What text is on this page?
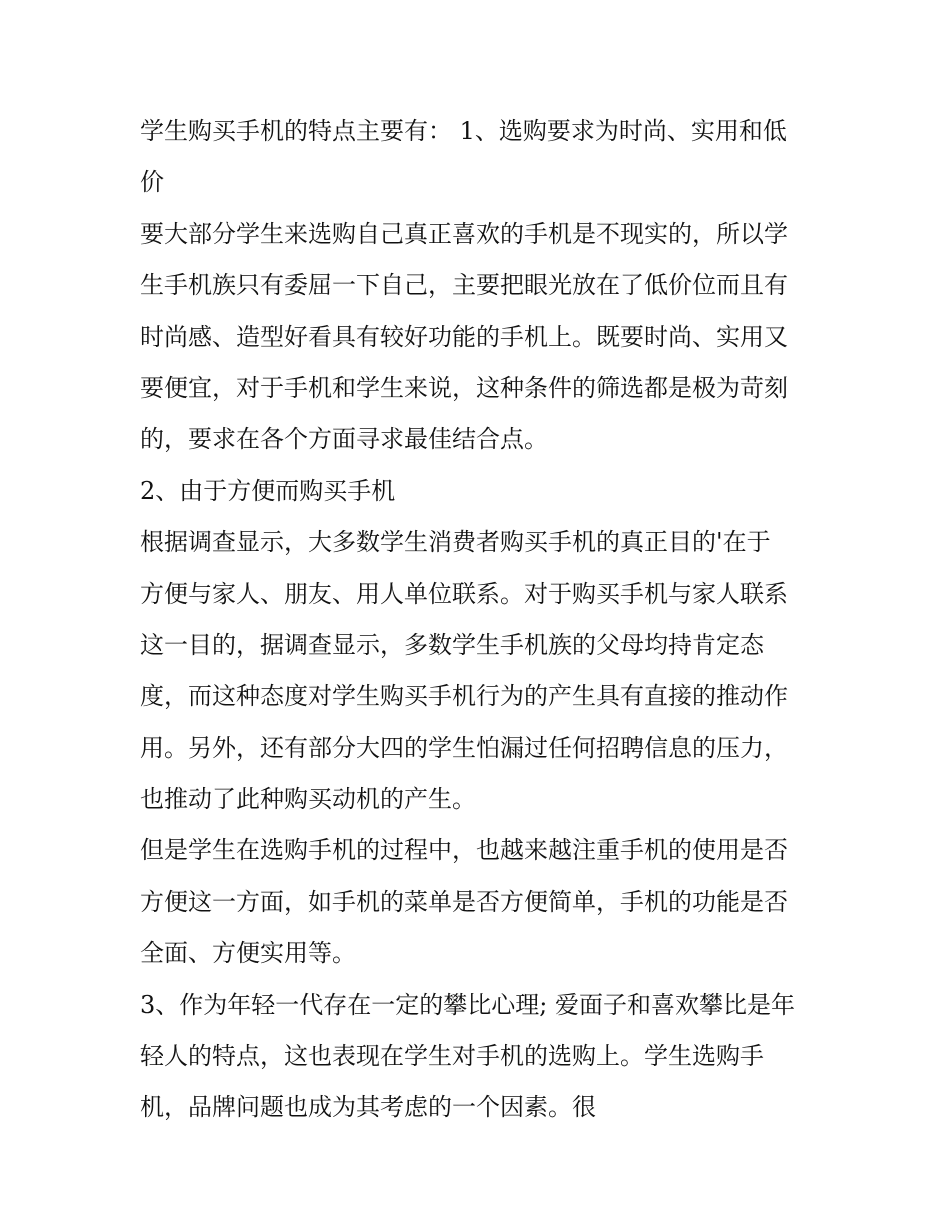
学生购买手机的特点主要有： 1、选购要求为时尚、实用和低
价
要大部分学生来选购自己真正喜欢的手机是不现实的，所以学
生手机族只有委屈一下自己，主要把眼光放在了低价位而且有
时尚感、造型好看具有较好功能的手机上。既要时尚、实用又
要便宜，对于手机和学生来说，这种条件的筛选都是极为苛刻
的，要求在各个方面寻求最佳结合点。
2、由于方便而购买手机
根据调查显示，大多数学生消费者购买手机的真正目的'在于
方便与家人、朋友、用人单位联系。对于购买手机与家人联系
这一目的，据调查显示，多数学生手机族的父母均持肯定态
度，而这种态度对学生购买手机行为的产生具有直接的推动作
用。另外，还有部分大四的学生怕漏过任何招聘信息的压力，
也推动了此种购买动机的产生。
但是学生在选购手机的过程中，也越来越注重手机的使用是否
方便这一方面，如手机的菜单是否方便简单，手机的功能是否
全面、方便实用等。
3、作为年轻一代存在一定的攀比心理; 爱面子和喜欢攀比是年
轻人的特点，这也表现在学生对手机的选购上。学生选购手
机，品牌问题也成为其考虑的一个因素。很
